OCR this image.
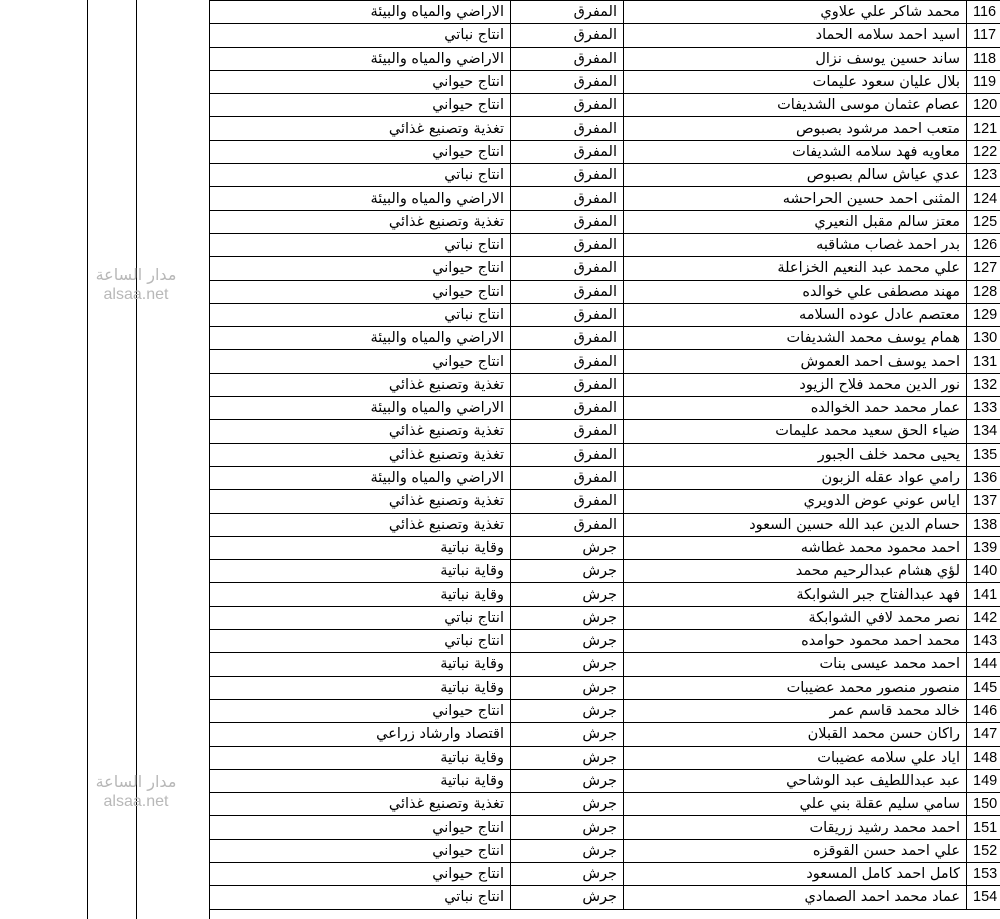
مدار الساعة
alsaa.net
مدار الساعة
alsaa.net
الاراضي والمياه والبيئة	المفرق	محمد شاكر علي علاوي	116
انتاج نباتي	المفرق	اسيد احمد سلامه الحماد	117
الاراضي والمياه والبيئة	المفرق	ساند حسين يوسف نزال	118
انتاج حيواني	المفرق	بلال عليان سعود عليمات	119
انتاج حيواني	المفرق	عصام عثمان موسى الشديفات	120
تغذية وتصنيع غذائي	المفرق	متعب احمد مرشود بصبوص	121
انتاج حيواني	المفرق	معاويه فهد سلامه الشديفات	122
انتاج نباتي	المفرق	عدي عياش سالم بصبوص	123
الاراضي والمياه والبيئة	المفرق	المثنى احمد حسين الحراحشه	124
تغذية وتصنيع غذائي	المفرق	معتز سالم مقبل النعيري	125
انتاج نباتي	المفرق	بدر احمد غصاب مشاقبه	126
انتاج حيواني	المفرق	علي محمد عبد النعيم الخزاعلة	127
انتاج حيواني	المفرق	مهند مصطفى علي خوالده	128
انتاج نباتي	المفرق	معتصم عادل عوده السلامه	129
الاراضي والمياه والبيئة	المفرق	همام يوسف محمد الشديفات	130
انتاج حيواني	المفرق	احمد يوسف احمد العموش	131
تغذية وتصنيع غذائي	المفرق	نور الدين محمد فلاح الزيود	132
الاراضي والمياه والبيئة	المفرق	عمار محمد حمد الخوالده	133
تغذية وتصنيع غذائي	المفرق	ضياء الحق سعيد محمد عليمات	134
تغذية وتصنيع غذائي	المفرق	يحيى محمد خلف الجبور	135
الاراضي والمياه والبيئة	المفرق	رامي عواد عقله الزبون	136
تغذية وتصنيع غذائي	المفرق	اياس عوني عوض الدويري	137
تغذية وتصنيع غذائي	المفرق	حسام الدين عبد الله حسين السعود	138
وقاية نباتية	جرش	احمد محمود محمد غطاشه	139
وقاية نباتية	جرش	لؤي هشام عبدالرحيم محمد	140
وقاية نباتية	جرش	فهد عبدالفتاح جبر الشوابكة	141
انتاج نباتي	جرش	نصر محمد لافي الشوابكة	142
انتاج نباتي	جرش	محمد احمد محمود حوامده	143
وقاية نباتية	جرش	احمد محمد عيسى بنات	144
وقاية نباتية	جرش	منصور منصور محمد عضيبات	145
انتاج حيواني	جرش	خالد محمد قاسم عمر	146
اقتصاد وارشاد زراعي	جرش	راكان حسن محمد القبلان	147
وقاية نباتية	جرش	اياد علي سلامه عضيبات	148
وقاية نباتية	جرش	عبد عبداللطيف عبد الوشاحي	149
تغذية وتصنيع غذائي	جرش	سامي سليم عقلة بني علي	150
انتاج حيواني	جرش	احمد محمد رشيد زريقات	151
انتاج حيواني	جرش	علي احمد حسن القوقزه	152
انتاج حيواني	جرش	كامل احمد كامل المسعود	153
انتاج نباتي	جرش	عماد محمد احمد الصمادي	154
